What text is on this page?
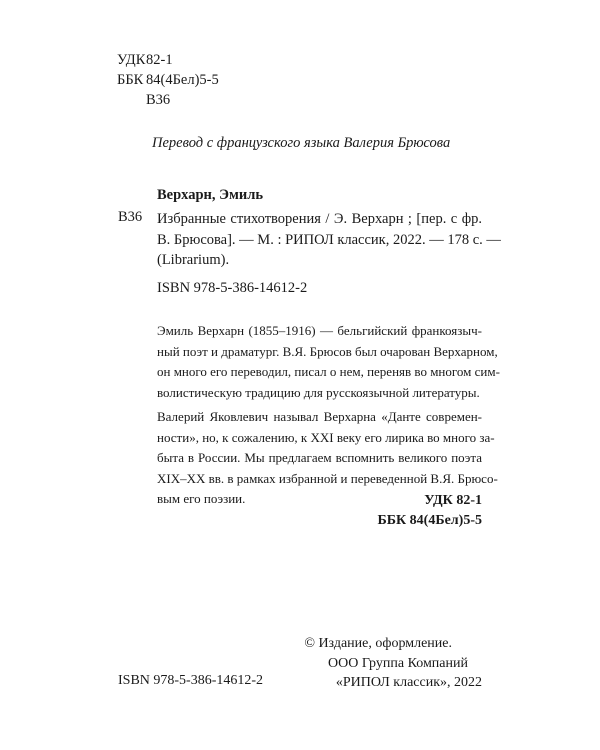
УДК 82-1
ББК 84(4Бел)5-5
В36
Перевод с французского языка Валерия Брюсова
Верхарн, Эмиль
В36 Избранные стихотворения / Э. Верхарн ; [пер. с фр.
В. Брюсова]. — М. : РИПОЛ классик, 2022. — 178 с. —
(Librarium).
ISBN 978-5-386-14612-2
Эмиль Верхарн (1855–1916) — бельгийский франкоязыч-
ный поэт и драматург. В.Я. Брюсов был очарован Верхарном,
он много его переводил, писал о нем, переняв во многом сим-
волистическую традицию для русскоязычной литературы.
Валерий Яковлевич называл Верхарна «Данте современ-
ности», но, к сожалению, к XXI веку его лирика во много за-
быта в России. Мы предлагаем вспомнить великого поэта
XIX–XX вв. в рамках избранной и переведенной В.Я. Брюсо-
вым его поэзии.	УДК 82-1
ББК 84(4Бел)5-5
© Издание, оформление.
ООО Группа Компаний
«РИПОЛ классик», 2022
ISBN 978-5-386-14612-2
